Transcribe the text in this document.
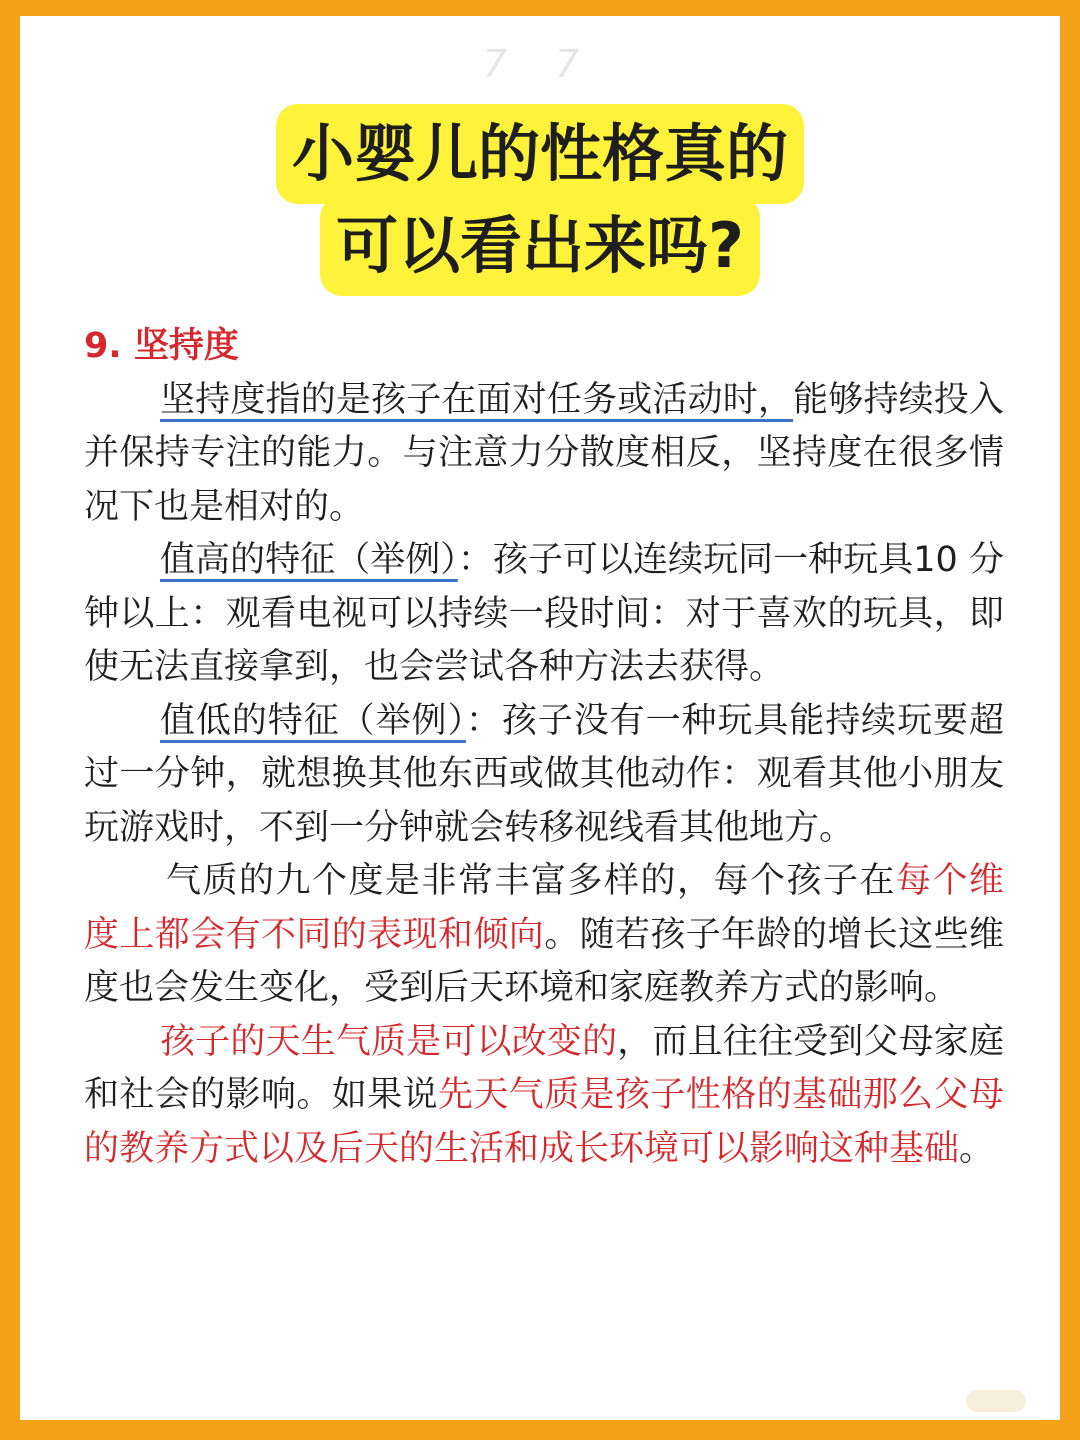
7 7
小婴儿的性格真的
可以看出来吗?

9. 坚持度

坚持度指的是孩子在面对任务或活动时，能够持续投入并保持专注的能力。与注意力分散度相反，坚持度在很多情况下也是相对的。

值高的特征（举例）：孩子可以连续玩同一种玩具10 分钟以上：观看电视可以持续一段时间：对于喜欢的玩具，即使无法直接拿到，也会尝试各种方法去获得。

值低的特征（举例）：孩子没有一种玩具能持续玩要超过一分钟，就想换其他东西或做其他动作：观看其他小朋友玩游戏时，不到一分钟就会转移视线看其他地方。

气质的九个度是非常丰富多样的，每个孩子在每个维度上都会有不同的表现和倾向。随若孩子年龄的增长这些维度也会发生变化，受到后天环境和家庭教养方式的影响。

孩子的天生气质是可以改变的，而且往往受到父母家庭和社会的影响。如果说先天气质是孩子性格的基础那么父母的教养方式以及后天的生活和成长环境可以影响这种基础。
